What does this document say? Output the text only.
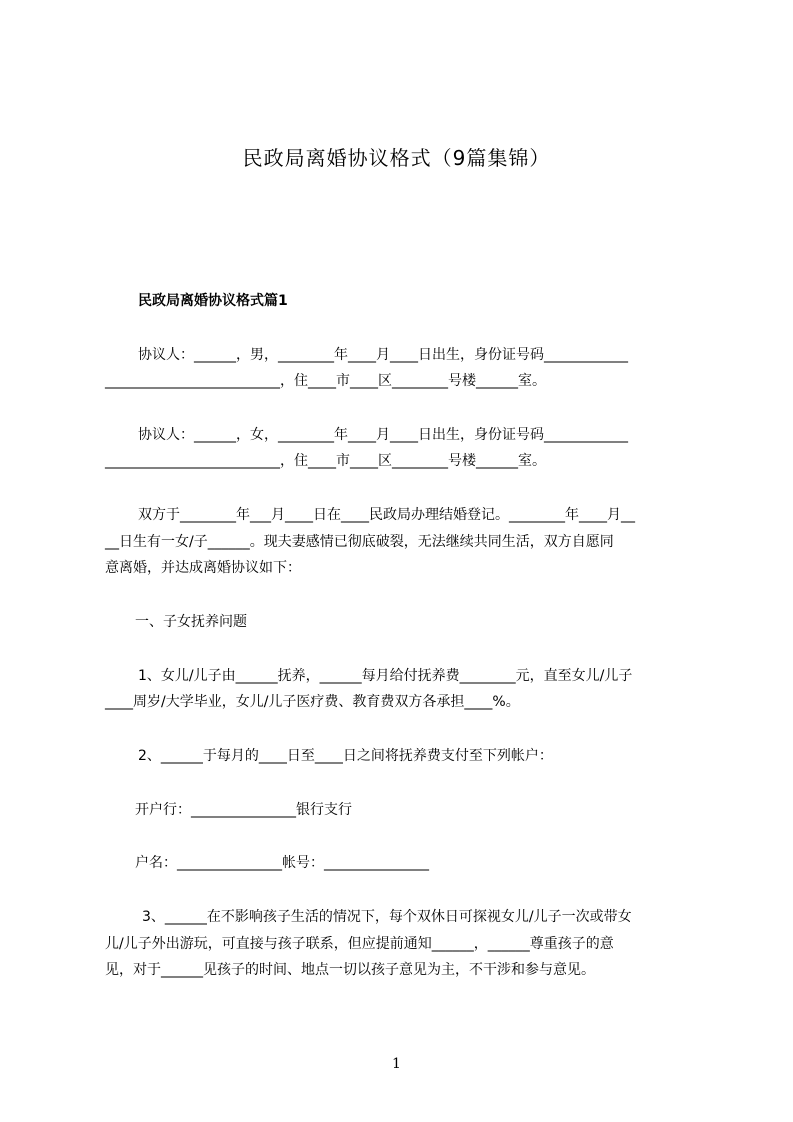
民政局离婚协议格式（9篇集锦）
民政局离婚协议格式篇1
协议人：______，男，________年____月____日出生，身份证号码____________
_________________________，住____市____区________号楼______室。
协议人：______，女，________年____月____日出生，身份证号码____________
_________________________，住____市____区________号楼______室。
双方于________年___月____日在____民政局办理结婚登记。________年____月__
__日生有一女/子______。现夫妻感情已彻底破裂，无法继续共同生活，双方自愿同
意离婚，并达成离婚协议如下：
一、子女抚养问题
1、女儿/儿子由______抚养，______每月给付抚养费________元，直至女儿/儿子
____周岁/大学毕业，女儿/儿子医疗费、教育费双方各承担____%。
2、______于每月的____日至____日之间将抚养费支付至下列帐户：
开户行：_______________银行支行
户名：_______________帐号：_______________
3、______在不影响孩子生活的情况下，每个双休日可探视女儿/儿子一次或带女
儿/儿子外出游玩，可直接与孩子联系，但应提前通知______，______尊重孩子的意
见，对于______见孩子的时间、地点一切以孩子意见为主，不干涉和参与意见。
1
